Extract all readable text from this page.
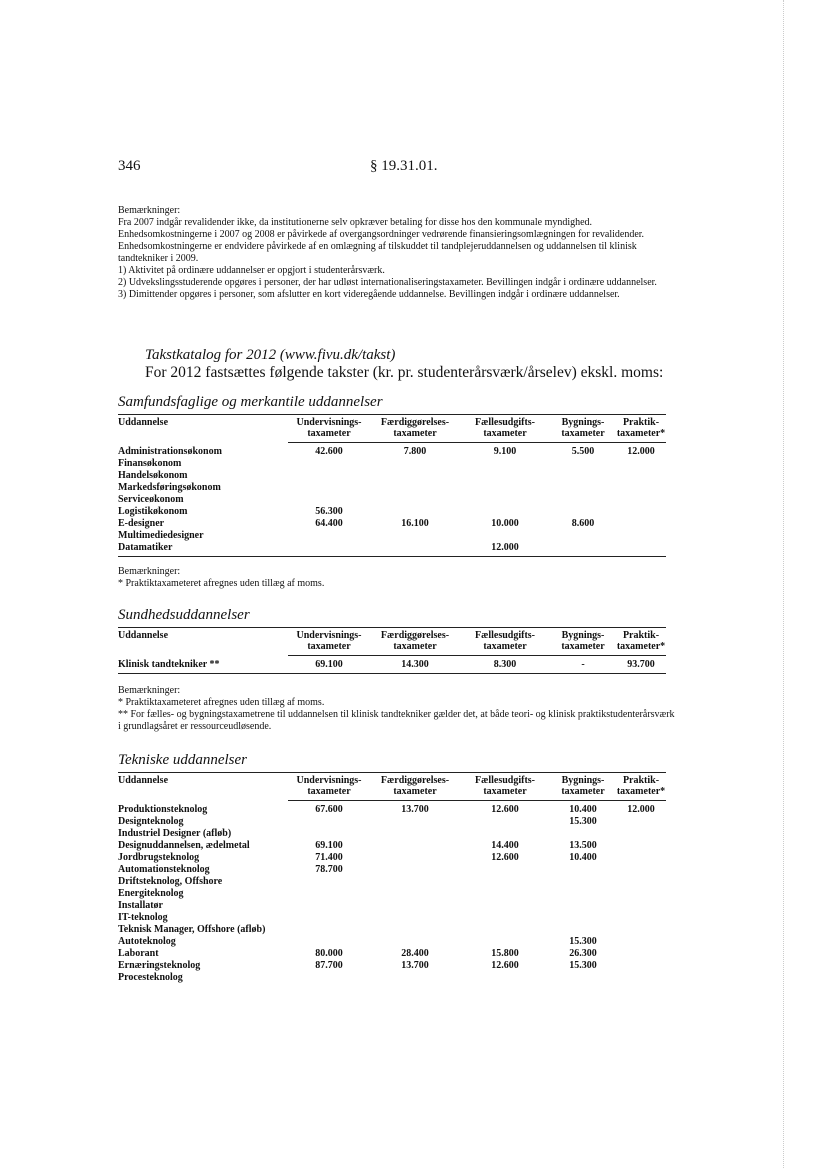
346	§ 19.31.01.

Bemærkninger:

Fra 2007 indgår revalidender ikke, da institutionerne selv opkræver betaling for disse hos den kommunale myndighed. Enhedsomkostningerne i 2007 og 2008 er påvirkede af overgangsordninger vedrørende finansieringsomlægningen for revalidender. Enhedsomkostningerne er endvidere påvirkede af en omlægning af tilskuddet til tandplejeruddannelsen og uddannelsen til klinisk tandtekniker i 2009.

1) Aktivitet på ordinære uddannelser er opgjort i studenterårsværk.

2) Udvekslingsstuderende opgøres i personer, der har udløst internationaliseringstaxameter. Bevillingen indgår i ordinære uddannelser.

3) Dimittender opgøres i personer, som afslutter en kort videregående uddannelse. Bevillingen indgår i ordinære uddannelser.

Takstkatalog for 2012 (www.fivu.dk/takst)
For 2012 fastsættes følgende takster (kr. pr. studenterårsværk/årselev) ekskl. moms:
Samfundsfaglige og merkantile uddannelser
Uddannelse	Undervisnings-	Færdiggørelses-	Fællesudgifts-	Bygnings-	Praktik-
	taxameter	taxameter	taxameter	taxameter	taxameter*
Administrationsøkonom	42.600	7.800	9.100	5.500	12.000
Finansøkonom					
Handelsøkonom					
Markedsføringsøkonom					
Serviceøkonom					
Logistikøkonom	56.300				
E-designer	64.400	16.100	10.000	8.600	
Multimediedesigner					
Datamatiker			12.000		

Bemærkninger:

* Praktiktaxameteret afregnes uden tillæg af moms.

Sundhedsuddannelser
Uddannelse	Undervisnings-	Færdiggørelses-	Fællesudgifts-	Bygnings-	Praktik-
	taxameter	taxameter	taxameter	taxameter	taxameter*
Klinisk tandtekniker **	69.100	14.300	8.300	-	93.700

Bemærkninger:

* Praktiktaxameteret afregnes uden tillæg af moms.

** For fælles- og bygningstaxametrene til uddannelsen til klinisk tandtekniker gælder det, at både teori- og klinisk praktikstudenterårsværk i grundlagsåret er ressourceudløsende.

Tekniske uddannelser
Uddannelse	Undervisnings-	Færdiggørelses-	Fællesudgifts-	Bygnings-	Praktik-
	taxameter	taxameter	taxameter	taxameter	taxameter*
Produktionsteknolog	67.600	13.700	12.600	10.400	12.000
Designteknolog				15.300	
Industriel Designer (afløb)					
Designuddannelsen, ædelmetal	69.100		14.400	13.500	
Jordbrugsteknolog	71.400		12.600	10.400	
Automationsteknolog	78.700				
Driftsteknolog, Offshore					
Energiteknolog					
Installatør					
IT-teknolog					
Teknisk Manager, Offshore (afløb)					
Autoteknolog				15.300	
Laborant	80.000	28.400	15.800	26.300	
Ernæringsteknolog	87.700	13.700	12.600	15.300	
Procesteknolog					
